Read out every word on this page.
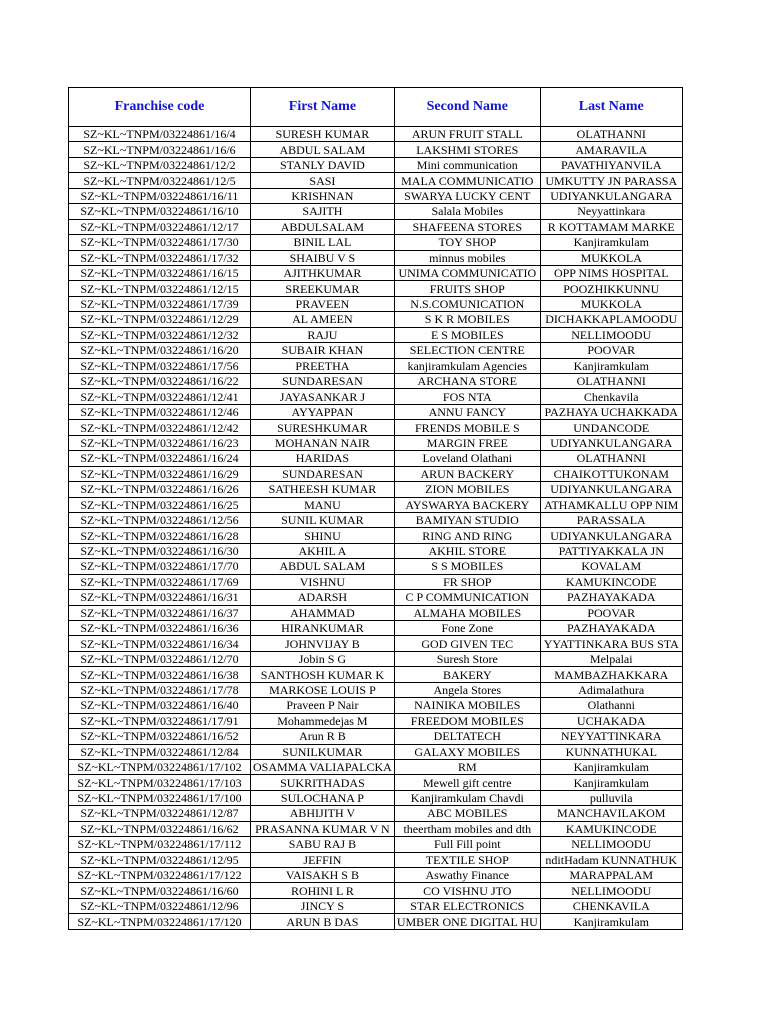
Franchise code	First Name	Second Name	Last Name
SZ~KL~TNPM/03224861/16/4	SURESH KUMAR	ARUN FRUIT STALL	OLATHANNI
SZ~KL~TNPM/03224861/16/6	ABDUL SALAM	LAKSHMI STORES	AMARAVILA
SZ~KL~TNPM/03224861/12/2	STANLY DAVID	Mini communication	PAVATHIYANVILA
SZ~KL~TNPM/03224861/12/5	SASI	MALA COMMUNICATIO	UMKUTTY JN PARASSA
SZ~KL~TNPM/03224861/16/11	KRISHNAN	SWARYA LUCKY CENT	UDIYANKULANGARA
SZ~KL~TNPM/03224861/16/10	SAJITH	Salala Mobiles	Neyyattinkara
SZ~KL~TNPM/03224861/12/17	ABDULSALAM	SHAFEENA STORES	R KOTTAMAM MARKE
SZ~KL~TNPM/03224861/17/30	BINIL LAL	TOY SHOP	Kanjiramkulam
SZ~KL~TNPM/03224861/17/32	SHAIBU V S	minnus mobiles	MUKKOLA
SZ~KL~TNPM/03224861/16/15	AJITHKUMAR	UNIMA COMMUNICATIO	OPP NIMS HOSPITAL
SZ~KL~TNPM/03224861/12/15	SREEKUMAR	FRUITS SHOP	POOZHIKKUNNU
SZ~KL~TNPM/03224861/17/39	PRAVEEN	N.S.COMUNICATION	MUKKOLA
SZ~KL~TNPM/03224861/12/29	AL AMEEN	S K R MOBILES	DICHAKKAPLAMOODU
SZ~KL~TNPM/03224861/12/32	RAJU	E S MOBILES	NELLIMOODU
SZ~KL~TNPM/03224861/16/20	SUBAIR KHAN	SELECTION CENTRE	POOVAR
SZ~KL~TNPM/03224861/17/56	PREETHA	kanjiramkulam Agencies	Kanjiramkulam
SZ~KL~TNPM/03224861/16/22	SUNDARESAN	ARCHANA STORE	OLATHANNI
SZ~KL~TNPM/03224861/12/41	JAYASANKAR J	FOS NTA	Chenkavila
SZ~KL~TNPM/03224861/12/46	AYYAPPAN	ANNU FANCY	PAZHAYA UCHAKKADA
SZ~KL~TNPM/03224861/12/42	SURESHKUMAR	FRENDS MOBILE S	UNDANCODE
SZ~KL~TNPM/03224861/16/23	MOHANAN NAIR	MARGIN FREE	UDIYANKULANGARA
SZ~KL~TNPM/03224861/16/24	HARIDAS	Loveland Olathani	OLATHANNI
SZ~KL~TNPM/03224861/16/29	SUNDARESAN	ARUN BACKERY	CHAIKOTTUKONAM
SZ~KL~TNPM/03224861/16/26	SATHEESH KUMAR	ZION MOBILES	UDIYANKULANGARA
SZ~KL~TNPM/03224861/16/25	MANU	AYSWARYA BACKERY	ATHAMKALLU OPP NIM
SZ~KL~TNPM/03224861/12/56	SUNIL KUMAR	BAMIYAN STUDIO	PARASSALA
SZ~KL~TNPM/03224861/16/28	SHINU	RING AND RING	UDIYANKULANGARA
SZ~KL~TNPM/03224861/16/30	AKHIL A	AKHIL STORE	PATTIYAKKALA JN
SZ~KL~TNPM/03224861/17/70	ABDUL SALAM	S S MOBILES	KOVALAM
SZ~KL~TNPM/03224861/17/69	VISHNU	FR SHOP	KAMUKINCODE
SZ~KL~TNPM/03224861/16/31	ADARSH	C P COMMUNICATION	PAZHAYAKADA
SZ~KL~TNPM/03224861/16/37	AHAMMAD	ALMAHA MOBILES	POOVAR
SZ~KL~TNPM/03224861/16/36	HIRANKUMAR	Fone Zone	PAZHAYAKADA
SZ~KL~TNPM/03224861/16/34	JOHNVIJAY B	GOD GIVEN TEC	YYATTINKARA BUS STA
SZ~KL~TNPM/03224861/12/70	Jobin S G	Suresh Store	Melpalai
SZ~KL~TNPM/03224861/16/38	SANTHOSH KUMAR K	BAKERY	MAMBAZHAKKARA
SZ~KL~TNPM/03224861/17/78	MARKOSE LOUIS P	Angela Stores	Adimalathura
SZ~KL~TNPM/03224861/16/40	Praveen P Nair	NAINIKA MOBILES	Olathanni
SZ~KL~TNPM/03224861/17/91	Mohammedejas M	FREEDOM MOBILES	UCHAKADA
SZ~KL~TNPM/03224861/16/52	Arun R B	DELTATECH	NEYYATTINKARA
SZ~KL~TNPM/03224861/12/84	SUNILKUMAR	GALAXY MOBILES	KUNNATHUKAL
SZ~KL~TNPM/03224861/17/102	OSAMMA VALIAPALCKA	RM	Kanjiramkulam
SZ~KL~TNPM/03224861/17/103	SUKRITHADAS	Mewell gift centre	Kanjiramkulam
SZ~KL~TNPM/03224861/17/100	SULOCHANA P	Kanjiramkulam Chavdi	pulluvila
SZ~KL~TNPM/03224861/12/87	ABHIJITH V	ABC MOBILES	MANCHAVILAKOM
SZ~KL~TNPM/03224861/16/62	PRASANNA KUMAR V N	theertham mobiles and dth	KAMUKINCODE
SZ~KL~TNPM/03224861/17/112	SABU RAJ B	Full Fill point	NELLIMOODU
SZ~KL~TNPM/03224861/12/95	JEFFIN	TEXTILE SHOP	nditHadam KUNNATHUK
SZ~KL~TNPM/03224861/17/122	VAISAKH S B	Aswathy Finance	MARAPPALAM
SZ~KL~TNPM/03224861/16/60	ROHINI L R	CO VISHNU JTO	NELLIMOODU
SZ~KL~TNPM/03224861/12/96	JINCY S	STAR ELECTRONICS	CHENKAVILA
SZ~KL~TNPM/03224861/17/120	ARUN B DAS	UMBER ONE DIGITAL HU	Kanjiramkulam
